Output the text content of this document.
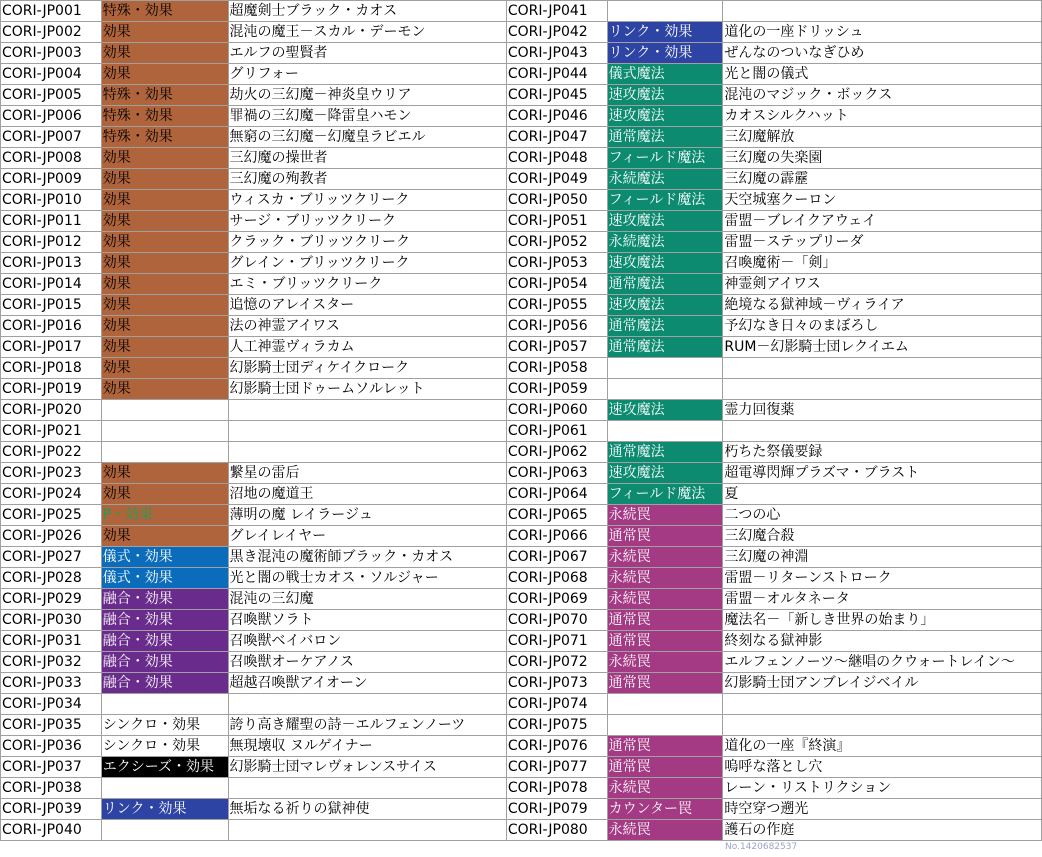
CORI-JP001	特殊・効果	超魔剣士ブラック・カオス	CORI-JP041		
CORI-JP002	効果	混沌の魔王－スカル・デーモン	CORI-JP042	リンク・効果	道化の一座ドリッシュ
CORI-JP003	効果	エルフの聖賢者	CORI-JP043	リンク・効果	ぜんなのついなぎひめ
CORI-JP004	効果	グリフォー	CORI-JP044	儀式魔法	光と闇の儀式
CORI-JP005	特殊・効果	劫火の三幻魔－神炎皇ウリア	CORI-JP045	速攻魔法	混沌のマジック・ボックス
CORI-JP006	特殊・効果	罪禍の三幻魔－降雷皇ハモン	CORI-JP046	速攻魔法	カオスシルクハット
CORI-JP007	特殊・効果	無窮の三幻魔－幻魔皇ラビエル	CORI-JP047	通常魔法	三幻魔解放
CORI-JP008	効果	三幻魔の操世者	CORI-JP048	フィールド魔法	三幻魔の失楽園
CORI-JP009	効果	三幻魔の殉教者	CORI-JP049	永続魔法	三幻魔の霹靂
CORI-JP010	効果	ウィスカ・ブリッツクリーク	CORI-JP050	フィールド魔法	天空城塞クーロン
CORI-JP011	効果	サージ・ブリッツクリーク	CORI-JP051	速攻魔法	雷盟－ブレイクアウェイ
CORI-JP012	効果	クラック・ブリッツクリーク	CORI-JP052	永続魔法	雷盟－ステップリーダ
CORI-JP013	効果	グレイン・ブリッツクリーク	CORI-JP053	速攻魔法	召喚魔術－「剣」
CORI-JP014	効果	エミ・ブリッツクリーク	CORI-JP054	通常魔法	神霊剣アイワス
CORI-JP015	効果	追憶のアレイスター	CORI-JP055	速攻魔法	絶境なる獄神域－ヴィライア
CORI-JP016	効果	法の神霊アイワス	CORI-JP056	通常魔法	予幻なき日々のまぼろし
CORI-JP017	効果	人工神霊ヴィラカム	CORI-JP057	通常魔法	RUM－幻影騎士団レクイエム
CORI-JP018	効果	幻影騎士団ディケイクローク	CORI-JP058		
CORI-JP019	効果	幻影騎士団ドゥームソルレット	CORI-JP059		
CORI-JP020			CORI-JP060	速攻魔法	霊力回復薬
CORI-JP021			CORI-JP061		
CORI-JP022			CORI-JP062	通常魔法	朽ちた祭儀要録
CORI-JP023	効果	繋星の雷后	CORI-JP063	速攻魔法	超電導閃輝プラズマ・ブラスト
CORI-JP024	効果	沼地の魔道王	CORI-JP064	フィールド魔法	夏
CORI-JP025	P・効果	薄明の魔 レイラージュ	CORI-JP065	永続罠	二つの心
CORI-JP026	効果	グレイレイヤー	CORI-JP066	通常罠	三幻魔合殺
CORI-JP027	儀式・効果	黒き混沌の魔術師ブラック・カオス	CORI-JP067	永続罠	三幻魔の神淵
CORI-JP028	儀式・効果	光と闇の戦士カオス・ソルジャー	CORI-JP068	永続罠	雷盟－リターンストローク
CORI-JP029	融合・効果	混沌の三幻魔	CORI-JP069	永続罠	雷盟－オルタネータ
CORI-JP030	融合・効果	召喚獣ソラト	CORI-JP070	通常罠	魔法名－「新しき世界の始まり」
CORI-JP031	融合・効果	召喚獣ベイバロン	CORI-JP071	通常罠	終刻なる獄神影
CORI-JP032	融合・効果	召喚獣オーケアノス	CORI-JP072	永続罠	エルフェンノーツ～継唱のクウォートレイン～
CORI-JP033	融合・効果	超越召喚獣アイオーン	CORI-JP073	通常罠	幻影騎士団アンブレイジベイル
CORI-JP034			CORI-JP074		
CORI-JP035	シンクロ・効果	誇り高き耀聖の詩－エルフェンノーツ	CORI-JP075		
CORI-JP036	シンクロ・効果	無現壊収 ヌルゲイナー	CORI-JP076	通常罠	道化の一座『終演』
CORI-JP037	エクシーズ・効果	幻影騎士団マレヴォレンスサイス	CORI-JP077	通常罠	嗚呼な落とし穴
CORI-JP038			CORI-JP078	永続罠	レーン・リストリクション
CORI-JP039	リンク・効果	無垢なる祈りの獄神使	CORI-JP079	カウンター罠	時空穿つ遡光
CORI-JP040			CORI-JP080	永続罠	護石の作庭
No.1420682537
